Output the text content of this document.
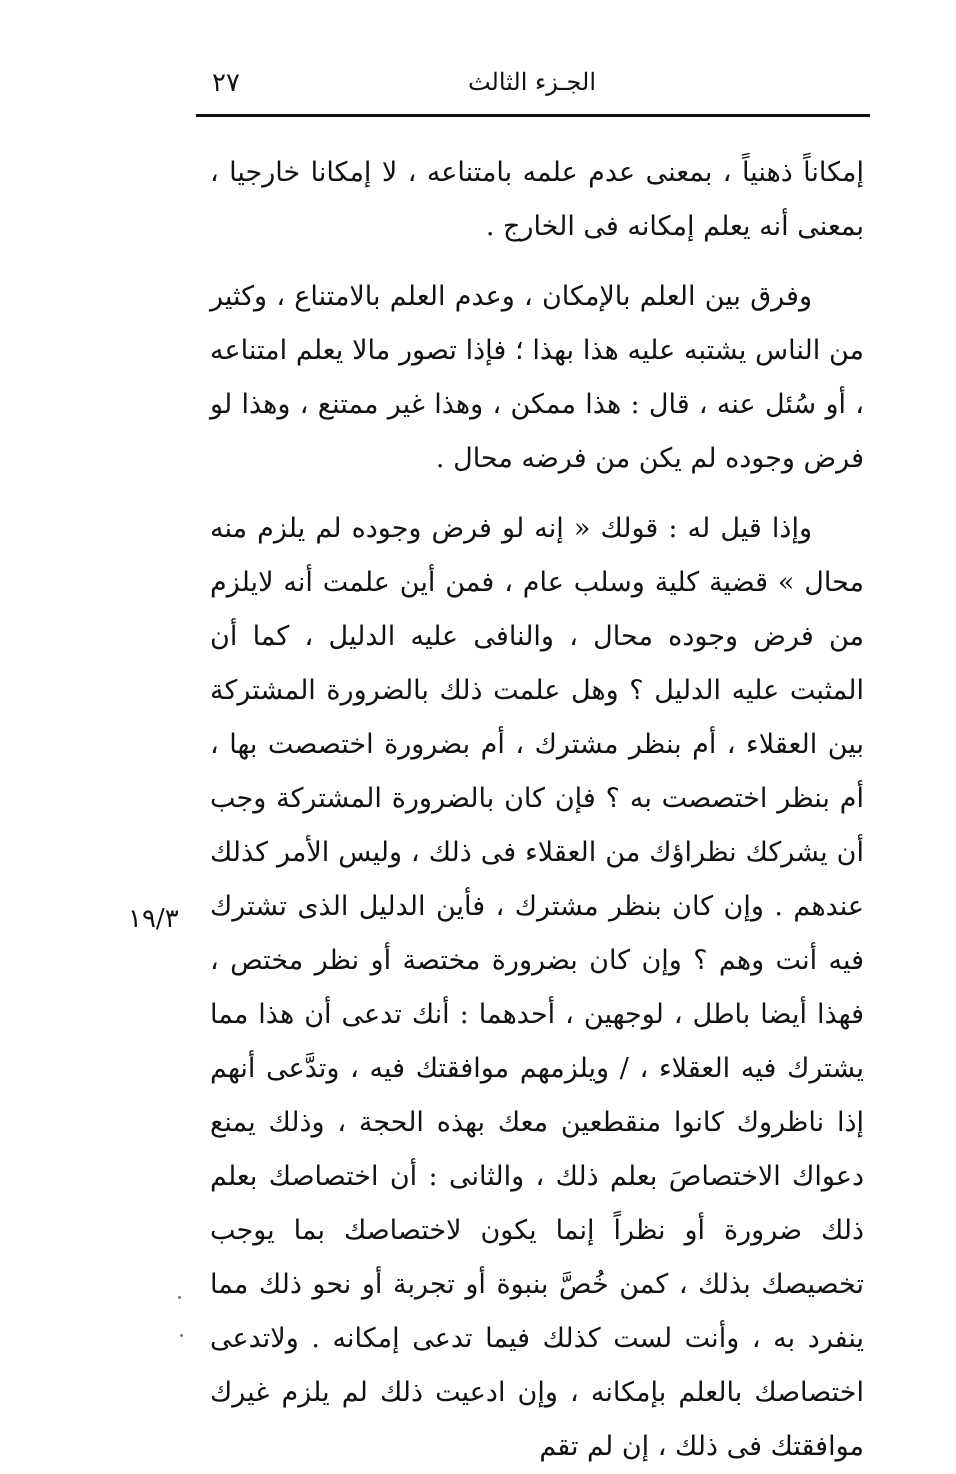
٢٧	الجـزء الثالث

إمكاناً ذهنياً ، بمعنى عدم علمه بامتناعه ، لا إمكانا خارجيا ، بمعنى أنه يعلم إمكانه فى الخارج .

وفرق بين العلم بالإمكان ، وعدم العلم بالامتناع ، وكثير من الناس يشتبه عليه هذا بهذا ؛ فإذا تصور مالا يعلم امتناعه ، أو سُئل عنه ، قال : هذا ممكن ، وهذا غير ممتنع ، وهذا لو فرض وجوده لم يكن من فرضه محال .

وإذا قيل له : قولك « إنه لو فرض وجوده لم يلزم منه محال » قضية كلية وسلب عام ، فمن أين علمت أنه لايلزم من فرض وجوده محال ، والنافى عليه الدليل ، كما أن المثبت عليه الدليل ؟ وهل علمت ذلك بالضرورة المشتركة بين العقلاء ، أم بنظر مشترك ، أم بضرورة اختصصت بها ، أم بنظر اختصصت به ؟ فإن كان بالضرورة المشتركة وجب أن يشركك نظراؤك من العقلاء فى ذلك ، وليس الأمر كذلك عندهم . وإن كان بنظر مشترك ، فأين الدليل الذى تشترك فيه أنت وهم ؟ وإن كان بضرورة مختصة أو نظر مختص ، فهذا أيضا باطل ، لوجهين ، أحدهما : أنك تدعى أن هذا مما يشترك فيه العقلاء ، / ويلزمهم موافقتك فيه ، وتدَّعى أنهم إذا ناظروك كانوا منقطعين معك بهذه الحجة ، وذلك يمنع دعواك الاختصاصَ بعلم ذلك ، والثانى : أن اختصاصك بعلم ذلك ضرورة أو نظراً إنما يكون لاختصاصك بما يوجب تخصيصك بذلك ، كمن خُصَّ بنبوة أو تجربة أو نحو ذلك مما ينفرد به ، وأنت لست كذلك فيما تدعى إمكانه . ولاتدعى اختصاصك بالعلم بإمكانه ، وإن ادعيت ذلك لم يلزم غيرك موافقتك فى ذلك ، إن لم تقم

١٩/٣
